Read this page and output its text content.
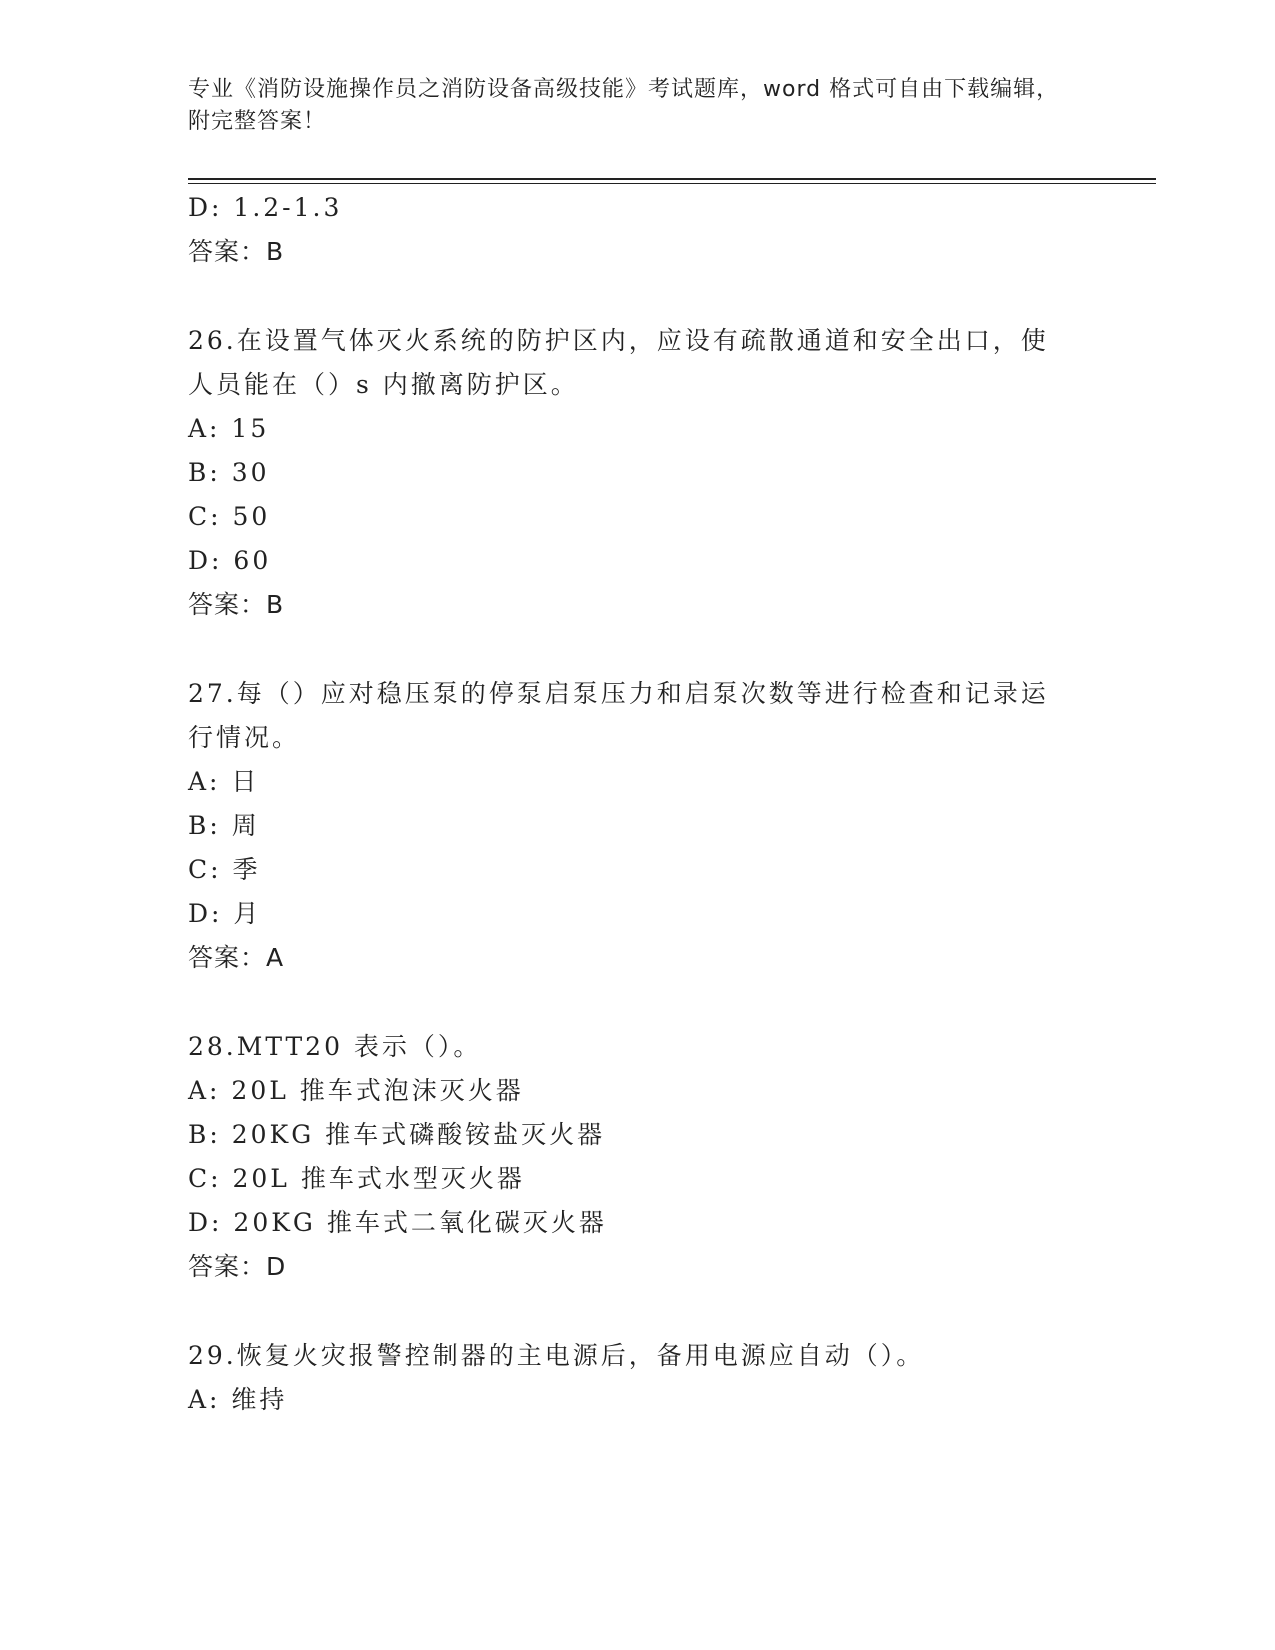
专业《消防设施操作员之消防设备高级技能》考试题库，word 格式可自由下载编辑，附完整答案！
D: 1.2-1.3
答案：B
26.在设置气体灭火系统的防护区内，应设有疏散通道和安全出口，使
人员能在（）s 内撤离防护区。
A: 15
B: 30
C: 50
D: 60
答案：B
27.每（）应对稳压泵的停泵启泵压力和启泵次数等进行检查和记录运
行情况。
A: 日
B: 周
C: 季
D: 月
答案：A
28.MTT20 表示（）。
A: 20L 推车式泡沫灭火器
B: 20KG 推车式磷酸铵盐灭火器
C: 20L 推车式水型灭火器
D: 20KG 推车式二氧化碳灭火器
答案：D
29.恢复火灾报警控制器的主电源后，备用电源应自动（）。
A: 维持
